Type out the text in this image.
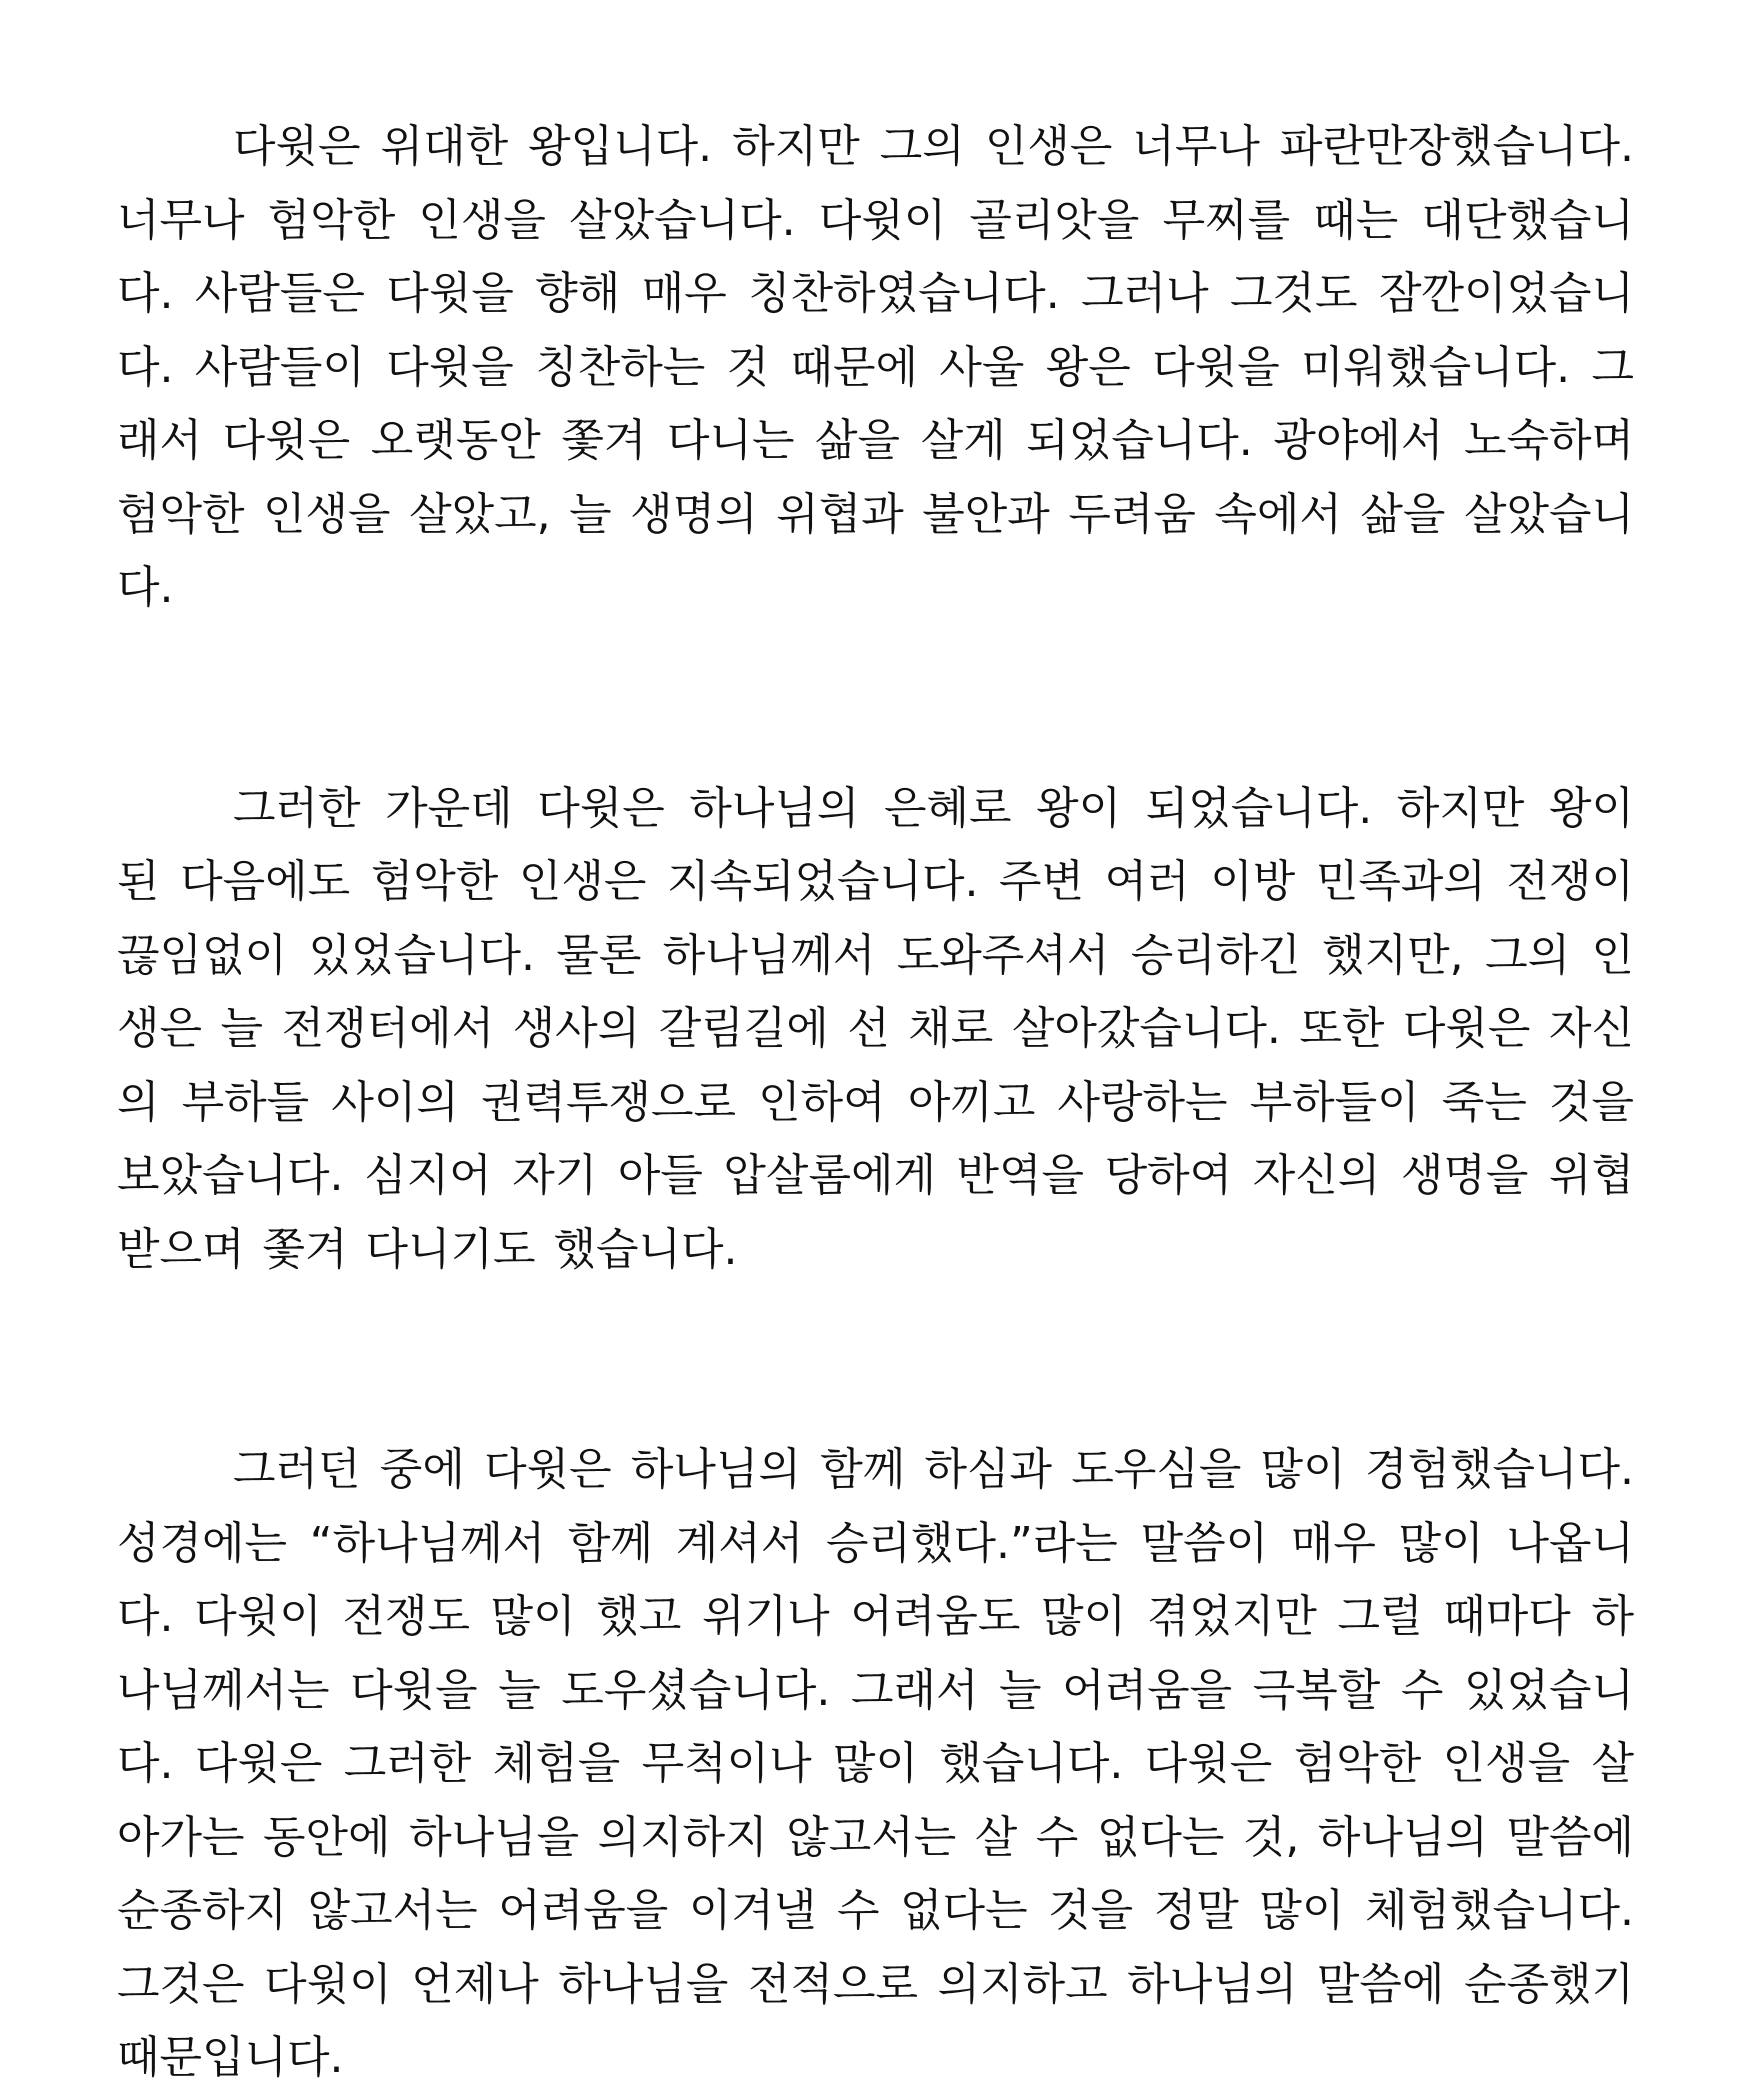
다윗은 위대한 왕입니다. 하지만 그의 인생은 너무나 파란만장했습니다. 너무나 험악한 인생을 살았습니다. 다윗이 골리앗을 무찌를 때는 대단했습니다. 사람들은 다윗을 향해 매우 칭찬하였습니다. 그러나 그것도 잠깐이었습니다. 사람들이 다윗을 칭찬하는 것 때문에 사울 왕은 다윗을 미워했습니다. 그래서 다윗은 오랫동안 쫓겨 다니는 삶을 살게 되었습니다. 광야에서 노숙하며 험악한 인생을 살았고, 늘 생명의 위협과 불안과 두려움 속에서 삶을 살았습니다.

그러한 가운데 다윗은 하나님의 은혜로 왕이 되었습니다. 하지만 왕이 된 다음에도 험악한 인생은 지속되었습니다. 주변 여러 이방 민족과의 전쟁이 끊임없이 있었습니다. 물론 하나님께서 도와주셔서 승리하긴 했지만, 그의 인생은 늘 전쟁터에서 생사의 갈림길에 선 채로 살아갔습니다. 또한 다윗은 자신의 부하들 사이의 권력투쟁으로 인하여 아끼고 사랑하는 부하들이 죽는 것을 보았습니다. 심지어 자기 아들 압살롬에게 반역을 당하여 자신의 생명을 위협받으며 쫓겨 다니기도 했습니다.

그러던 중에 다윗은 하나님의 함께 하심과 도우심을 많이 경험했습니다. 성경에는 “하나님께서 함께 계셔서 승리했다.”라는 말씀이 매우 많이 나옵니다. 다윗이 전쟁도 많이 했고 위기나 어려움도 많이 겪었지만 그럴 때마다 하나님께서는 다윗을 늘 도우셨습니다. 그래서 늘 어려움을 극복할 수 있었습니다. 다윗은 그러한 체험을 무척이나 많이 했습니다. 다윗은 험악한 인생을 살아가는 동안에 하나님을 의지하지 않고서는 살 수 없다는 것, 하나님의 말씀에 순종하지 않고서는 어려움을 이겨낼 수 없다는 것을 정말 많이 체험했습니다. 그것은 다윗이 언제나 하나님을 전적으로 의지하고 하나님의 말씀에 순종했기 때문입니다.
